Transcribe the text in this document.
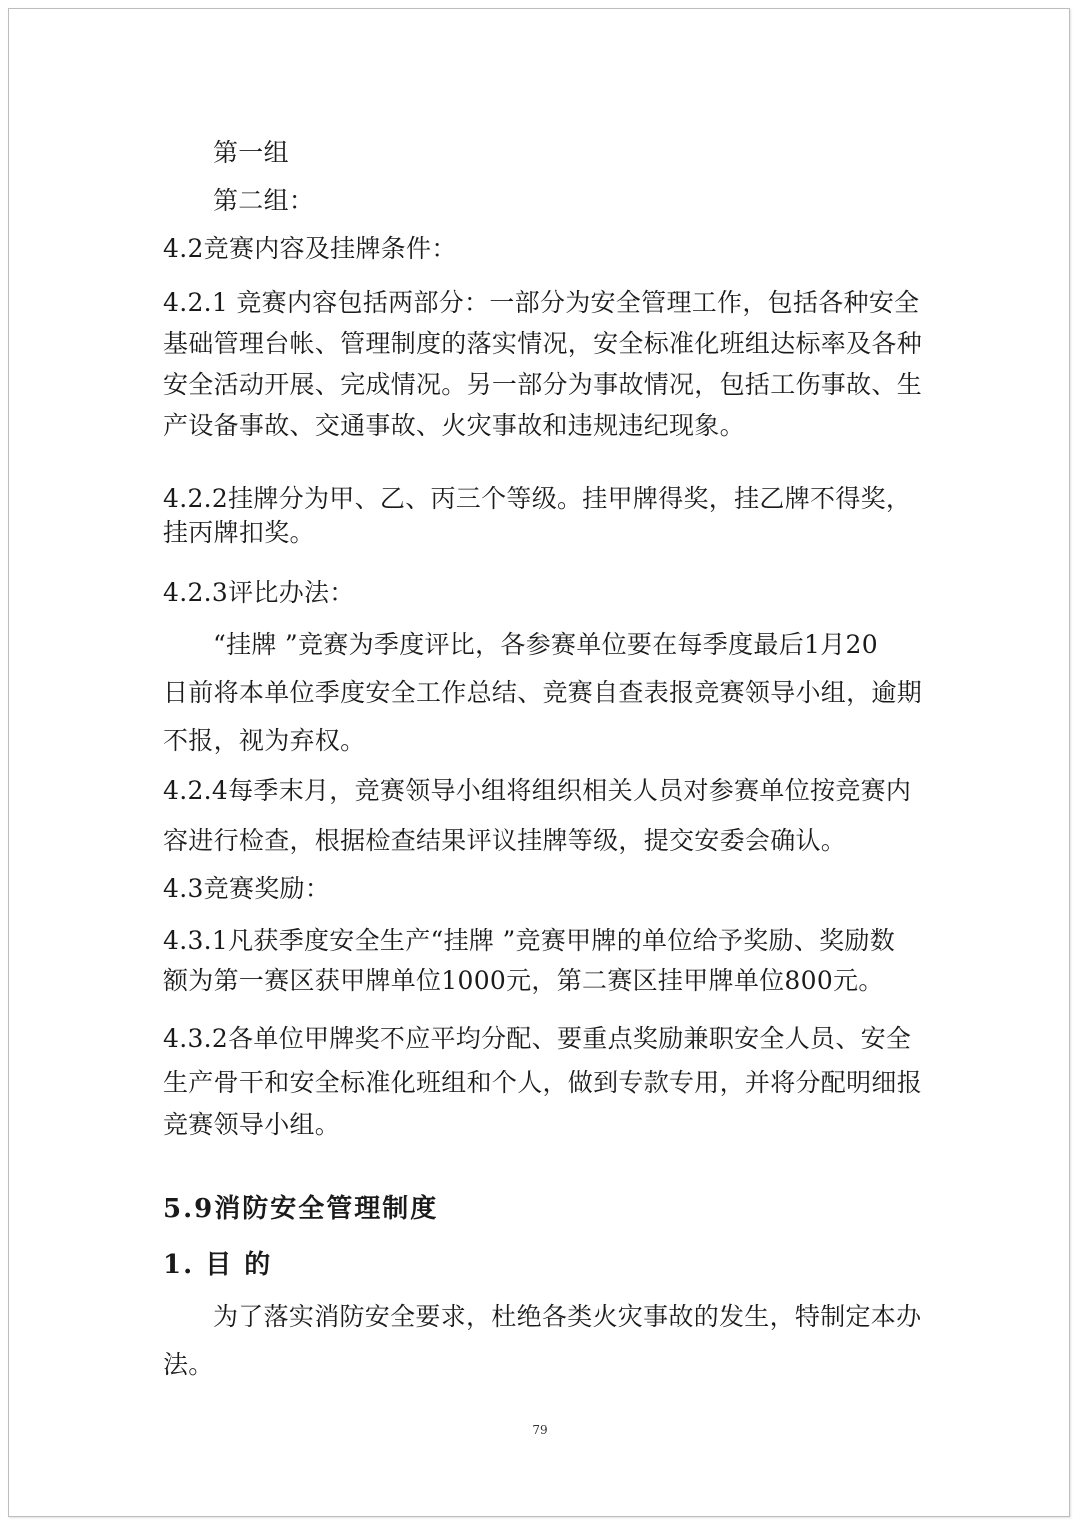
第一组
第二组：
4.2竞赛内容及挂牌条件：
4.2.1 竞赛内容包括两部分：一部分为安全管理工作，包括各种安全
基础管理台帐、管理制度的落实情况，安全标准化班组达标率及各种
安全活动开展、完成情况。另一部分为事故情况，包括工伤事故、生
产设备事故、交通事故、火灾事故和违规违纪现象。
4.2.2挂牌分为甲、乙、丙三个等级。挂甲牌得奖，挂乙牌不得奖，
挂丙牌扣奖。
4.2.3评比办法：
“挂牌 ”竞赛为季度评比，各参赛单位要在每季度最后1月20
日前将本单位季度安全工作总结、竞赛自查表报竞赛领导小组，逾期
不报，视为弃权。
4.2.4每季末月，竞赛领导小组将组织相关人员对参赛单位按竞赛内
容进行检查，根据检查结果评议挂牌等级，提交安委会确认。
4.3竞赛奖励：
4.3.1凡获季度安全生产“挂牌 ”竞赛甲牌的单位给予奖励、奖励数
额为第一赛区获甲牌单位1000元，第二赛区挂甲牌单位800元。
4.3.2各单位甲牌奖不应平均分配、要重点奖励兼职安全人员、安全
生产骨干和安全标准化班组和个人，做到专款专用，并将分配明细报
竞赛领导小组。
5.9消防安全管理制度
1. 目 的
为了落实消防安全要求，杜绝各类火灾事故的发生，特制定本办
法。
79
